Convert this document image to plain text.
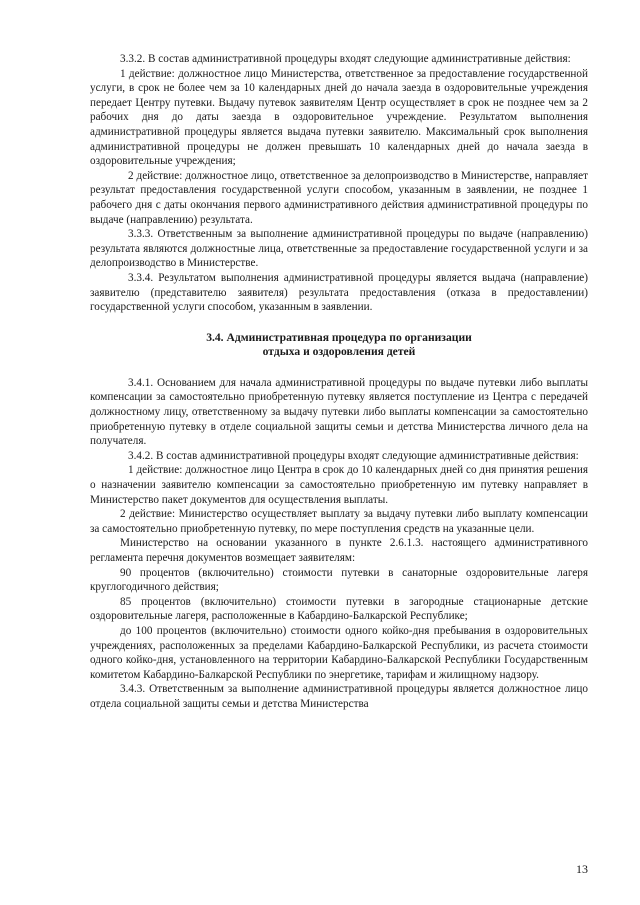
3.3.2. В состав административной процедуры входят следующие административные действия:

1 действие: должностное лицо Министерства, ответственное за предоставление государственной услуги, в срок не более чем за 10 календарных дней до начала заезда в оздоровительные учреждения передает Центру путевки. Выдачу путевок заявителям Центр осуществляет в срок не позднее чем за 2 рабочих дня до даты заезда в оздоровительное учреждение. Результатом выполнения административной процедуры является выдача путевки заявителю. Максимальный срок выполнения административной процедуры не должен превышать 10 календарных дней до начала заезда в оздоровительные учреждения;

2 действие: должностное лицо, ответственное за делопроизводство в Министерстве, направляет результат предоставления государственной услуги способом, указанным в заявлении, не позднее 1 рабочего дня с даты окончания первого административного действия административной процедуры по выдаче (направлению) результата.

3.3.3. Ответственным за выполнение административной процедуры по выдаче (направлению) результата являются должностные лица, ответственные за предоставление государственной услуги и за делопроизводство в Министерстве.

3.3.4. Результатом выполнения административной процедуры является выдача (направление) заявителю (представителю заявителя) результата предоставления (отказа в предоставлении) государственной услуги способом, указанным в заявлении.

3.4. Административная процедура по организации
отдыха и оздоровления детей

3.4.1. Основанием для начала административной процедуры по выдаче путевки либо выплаты компенсации за самостоятельно приобретенную путевку является поступление из Центра с передачей должностному лицу, ответственному за выдачу путевки либо выплаты компенсации за самостоятельно приобретенную путевку в отделе социальной защиты семьи и детства Министерства личного дела на получателя.

3.4.2. В состав административной процедуры входят следующие административные действия:

1 действие: должностное лицо Центра в срок до 10 календарных дней со дня принятия решения о назначении заявителю компенсации за самостоятельно приобретенную им путевку направляет в Министерство пакет документов для осуществления выплаты.

2 действие: Министерство осуществляет выплату за выдачу путевки либо выплату компенсации за самостоятельно приобретенную путевку, по мере поступления средств на указанные цели.

Министерство на основании указанного в пункте 2.6.1.3. настоящего административного регламента перечня документов возмещает заявителям:

90 процентов (включительно) стоимости путевки в санаторные оздоровительные лагеря круглогодичного действия;

85 процентов (включительно) стоимости путевки в загородные стационарные детские оздоровительные лагеря, расположенные в Кабардино-Балкарской Республике;

до 100 процентов (включительно) стоимости одного койко-дня пребывания в оздоровительных учреждениях, расположенных за пределами Кабардино-Балкарской Республики, из расчета стоимости одного койко-дня, установленного на территории Кабардино-Балкарской Республики Государственным комитетом Кабардино-Балкарской Республики по энергетике, тарифам и жилищному надзору.

3.4.3. Ответственным за выполнение административной процедуры является должностное лицо отдела социальной защиты семьи и детства Министерства

13
